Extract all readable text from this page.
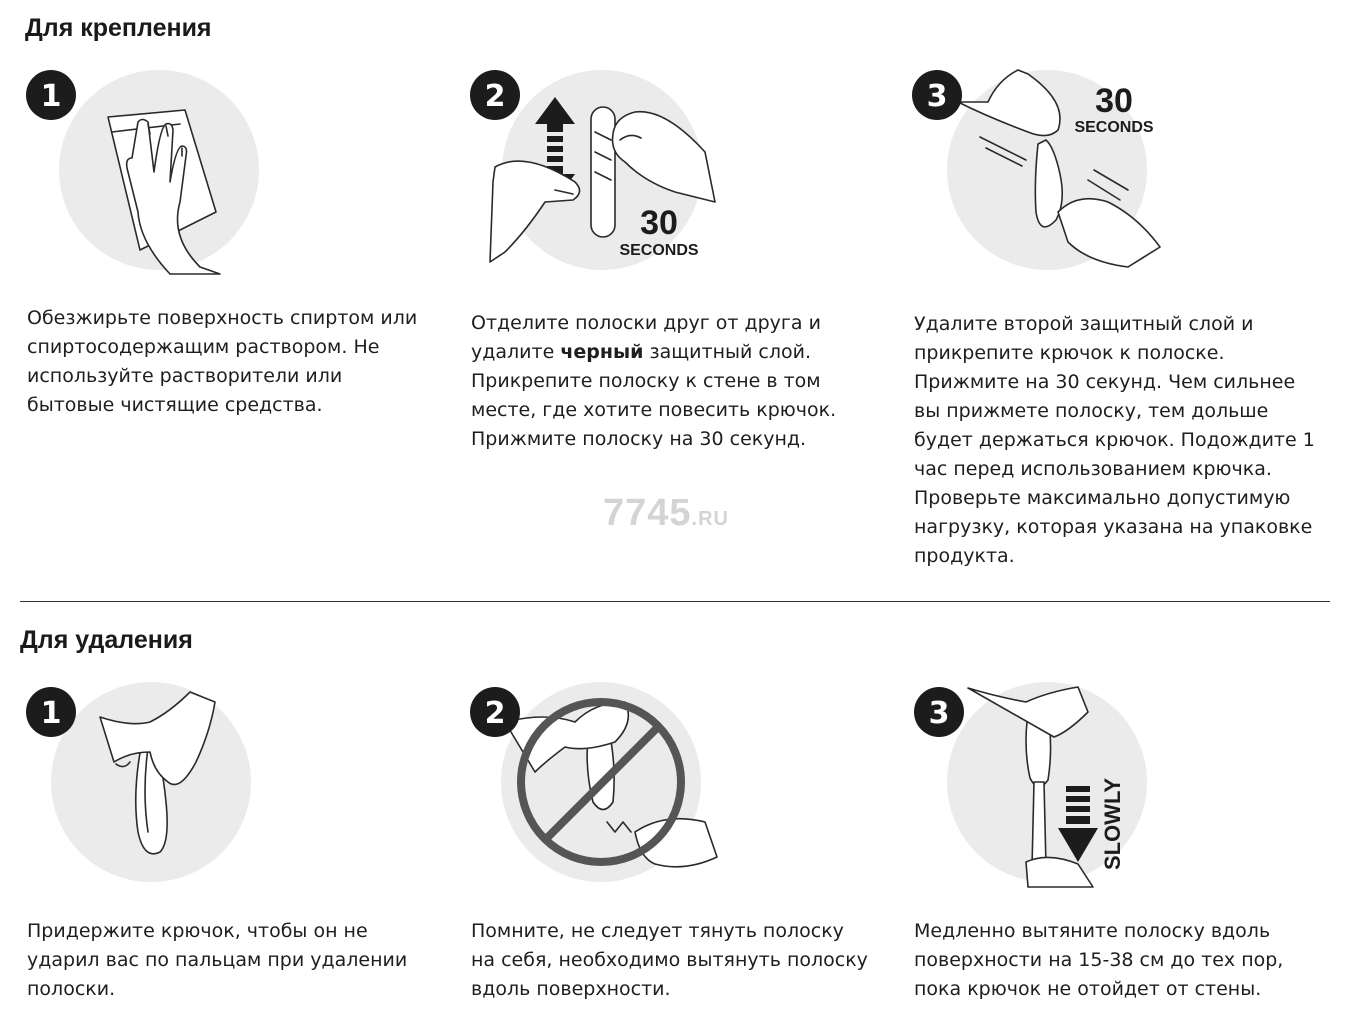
Для крепления
1
Обезжирьте поверхность спиртом или спиртосодержащим раствором. Не используйте растворители или бытовые чистящие средства.
30
SECONDS
2
Отделите полоски друг от друга и удалите черный защитный слой. Прикрепите полоску к стене в том месте, где хотите повесить крючок. Прижмите полоску на 30 секунд.
30
SECONDS
3
Удалите второй защитный слой и прикрепите крючок к полоске. Прижмите на 30 секунд. Чем сильнее вы прижмете полоску, тем дольше будет держаться крючок. Подождите 1 час перед использованием крючка. Проверьте максимально допустимую нагрузку, которая указана на упаковке продукта.
7745.RU
Для удаления
1
Придержите крючок, чтобы он не ударил вас по пальцам при удалении полоски.
2
Помните, не следует тянуть полоску на себя, необходимо вытянуть полоску вдоль поверхности.
SLOWLY
3
Медленно вытяните полоску вдоль поверхности на 15-38 см до тех пор, пока крючок не отойдет от стены.
